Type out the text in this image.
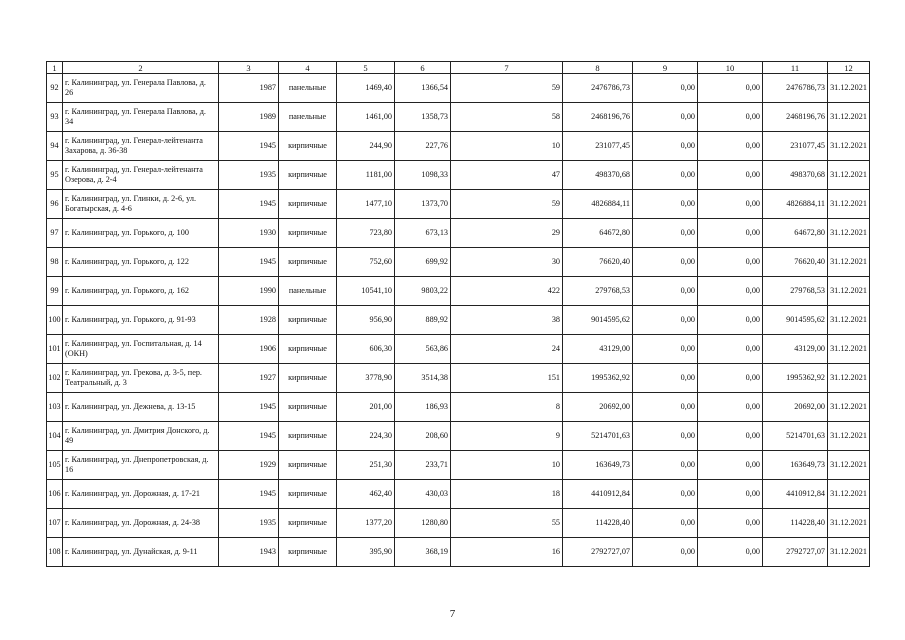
1	2	3	4	5	6	7	8	9	10	11	12
92	г. Калининград, ул. Генерала Павлова, д. 26	1987	панельные	1469,40	1366,54	59	2476786,73	0,00	0,00	2476786,73	31.12.2021
93	г. Калининград, ул. Генерала Павлова, д. 34	1989	панельные	1461,00	1358,73	58	2468196,76	0,00	0,00	2468196,76	31.12.2021
94	г. Калининград, ул. Генерал-лейтенанта Захарова, д. 36-38	1945	кирпичные	244,90	227,76	10	231077,45	0,00	0,00	231077,45	31.12.2021
95	г. Калининград, ул. Генерал-лейтенанта Озерова, д. 2-4	1935	кирпичные	1181,00	1098,33	47	498370,68	0,00	0,00	498370,68	31.12.2021
96	г. Калининград, ул. Глинки, д. 2-6, ул. Богатырская, д. 4-6	1945	кирпичные	1477,10	1373,70	59	4826884,11	0,00	0,00	4826884,11	31.12.2021
97	г. Калининград, ул. Горького, д. 100	1930	кирпичные	723,80	673,13	29	64672,80	0,00	0,00	64672,80	31.12.2021
98	г. Калининград, ул. Горького, д. 122	1945	кирпичные	752,60	699,92	30	76620,40	0,00	0,00	76620,40	31.12.2021
99	г. Калининград, ул. Горького, д. 162	1990	панельные	10541,10	9803,22	422	279768,53	0,00	0,00	279768,53	31.12.2021
100	г. Калининград, ул. Горького, д. 91-93	1928	кирпичные	956,90	889,92	38	9014595,62	0,00	0,00	9014595,62	31.12.2021
101	г. Калининград, ул. Госпитальная, д. 14 (ОКН)	1906	кирпичные	606,30	563,86	24	43129,00	0,00	0,00	43129,00	31.12.2021
102	г. Калининград, ул. Грекова, д. 3-5, пер. Театральный, д. 3	1927	кирпичные	3778,90	3514,38	151	1995362,92	0,00	0,00	1995362,92	31.12.2021
103	г. Калининград, ул. Дежнева, д. 13-15	1945	кирпичные	201,00	186,93	8	20692,00	0,00	0,00	20692,00	31.12.2021
104	г. Калининград, ул. Дмитрия Донского, д. 49	1945	кирпичные	224,30	208,60	9	5214701,63	0,00	0,00	5214701,63	31.12.2021
105	г. Калининград, ул. Днепропетровская, д. 16	1929	кирпичные	251,30	233,71	10	163649,73	0,00	0,00	163649,73	31.12.2021
106	г. Калининград, ул. Дорожная, д. 17-21	1945	кирпичные	462,40	430,03	18	4410912,84	0,00	0,00	4410912,84	31.12.2021
107	г. Калининград, ул. Дорожная, д. 24-38	1935	кирпичные	1377,20	1280,80	55	114228,40	0,00	0,00	114228,40	31.12.2021
108	г. Калининград, ул. Дунайская, д. 9-11	1943	кирпичные	395,90	368,19	16	2792727,07	0,00	0,00	2792727,07	31.12.2021
7
